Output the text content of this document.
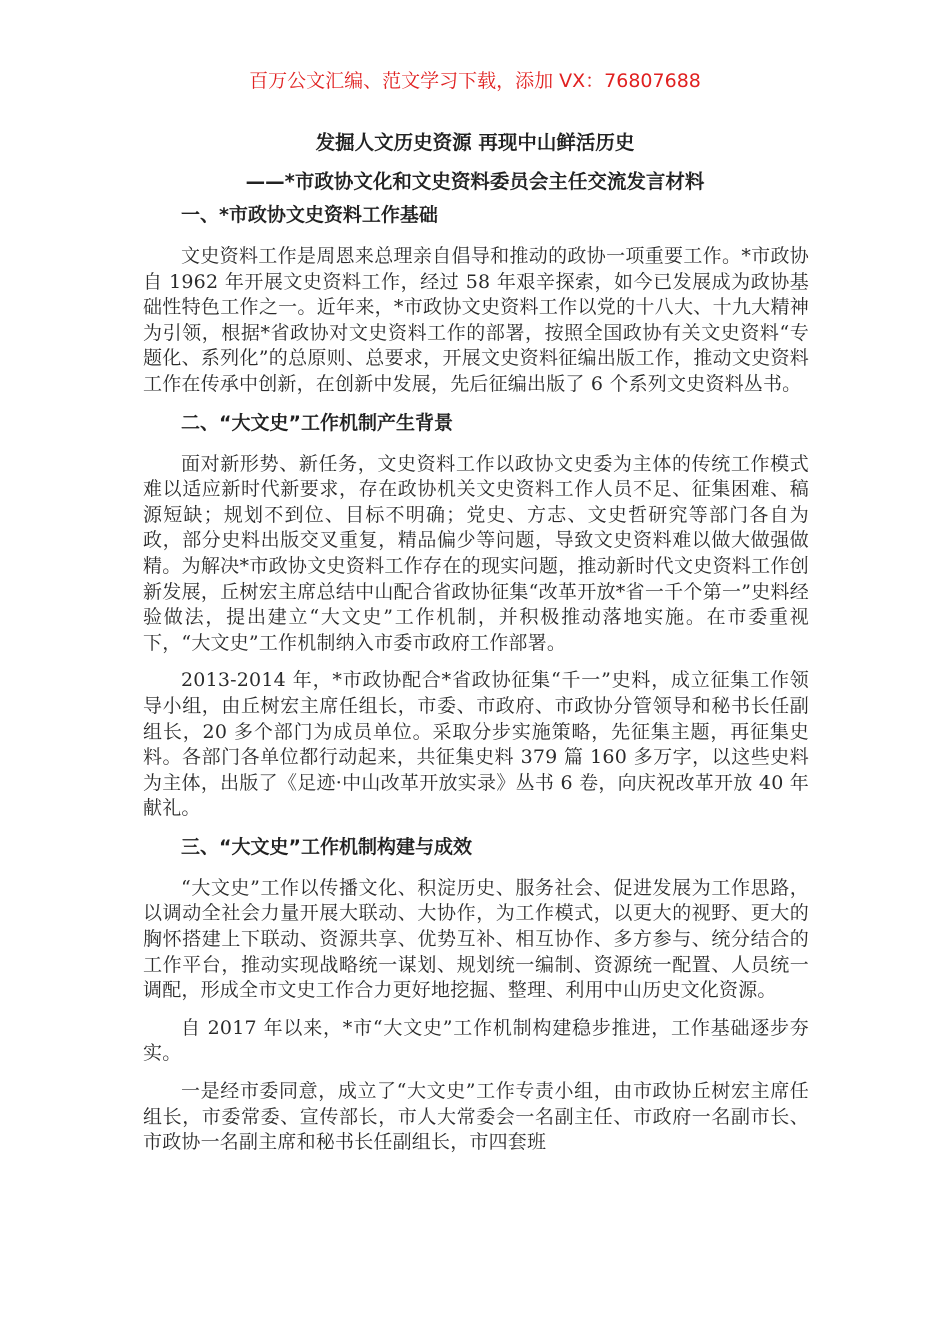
百万公文汇编、范文学习下载，添加 VX：76807688
发掘人文历史资源 再现中山鲜活历史
——*市政协文化和文史资料委员会主任交流发言材料
一、*市政协文史资料工作基础

文史资料工作是周恩来总理亲自倡导和推动的政协一项重要工作。*市政协自 1962 年开展文史资料工作，经过 58 年艰辛探索，如今已发展成为政协基础性特色工作之一。近年来，*市政协文史资料工作以党的十八大、十九大精神为引领，根据*省政协对文史资料工作的部署，按照全国政协有关文史资料“专题化、系列化”的总原则、总要求，开展文史资料征编出版工作，推动文史资料工作在传承中创新，在创新中发展，先后征编出版了 6 个系列文史资料丛书。

二、“大文史”工作机制产生背景

面对新形势、新任务，文史资料工作以政协文史委为主体的传统工作模式难以适应新时代新要求，存在政协机关文史资料工作人员不足、征集困难、稿源短缺；规划不到位、目标不明确；党史、方志、文史哲研究等部门各自为政，部分史料出版交叉重复，精品偏少等问题，导致文史资料难以做大做强做精。为解决*市政协文史资料工作存在的现实问题，推动新时代文史资料工作创新发展，丘树宏主席总结中山配合省政协征集“改革开放*省一千个第一”史料经验做法，提出建立“大文史”工作机制，并积极推动落地实施。在市委重视下，“大文史”工作机制纳入市委市政府工作部署。

2013-2014 年，*市政协配合*省政协征集“千一”史料，成立征集工作领导小组，由丘树宏主席任组长，市委、市政府、市政协分管领导和秘书长任副组长，20 多个部门为成员单位。采取分步实施策略，先征集主题，再征集史料。各部门各单位都行动起来，共征集史料 379 篇 160 多万字，以这些史料为主体，出版了《足迹·中山改革开放实录》丛书 6 卷，向庆祝改革开放 40 年献礼。

三、“大文史”工作机制构建与成效

“大文史”工作以传播文化、积淀历史、服务社会、促进发展为工作思路，以调动全社会力量开展大联动、大协作，为工作模式，以更大的视野、更大的胸怀搭建上下联动、资源共享、优势互补、相互协作、多方参与、统分结合的工作平台，推动实现战略统一谋划、规划统一编制、资源统一配置、人员统一调配，形成全市文史工作合力更好地挖掘、整理、利用中山历史文化资源。

自 2017 年以来，*市“大文史”工作机制构建稳步推进，工作基础逐步夯实。

一是经市委同意，成立了“大文史”工作专责小组，由市政协丘树宏主席任组长，市委常委、宣传部长，市人大常委会一名副主任、市政府一名副市长、市政协一名副主席和秘书长任副组长，市四套班
